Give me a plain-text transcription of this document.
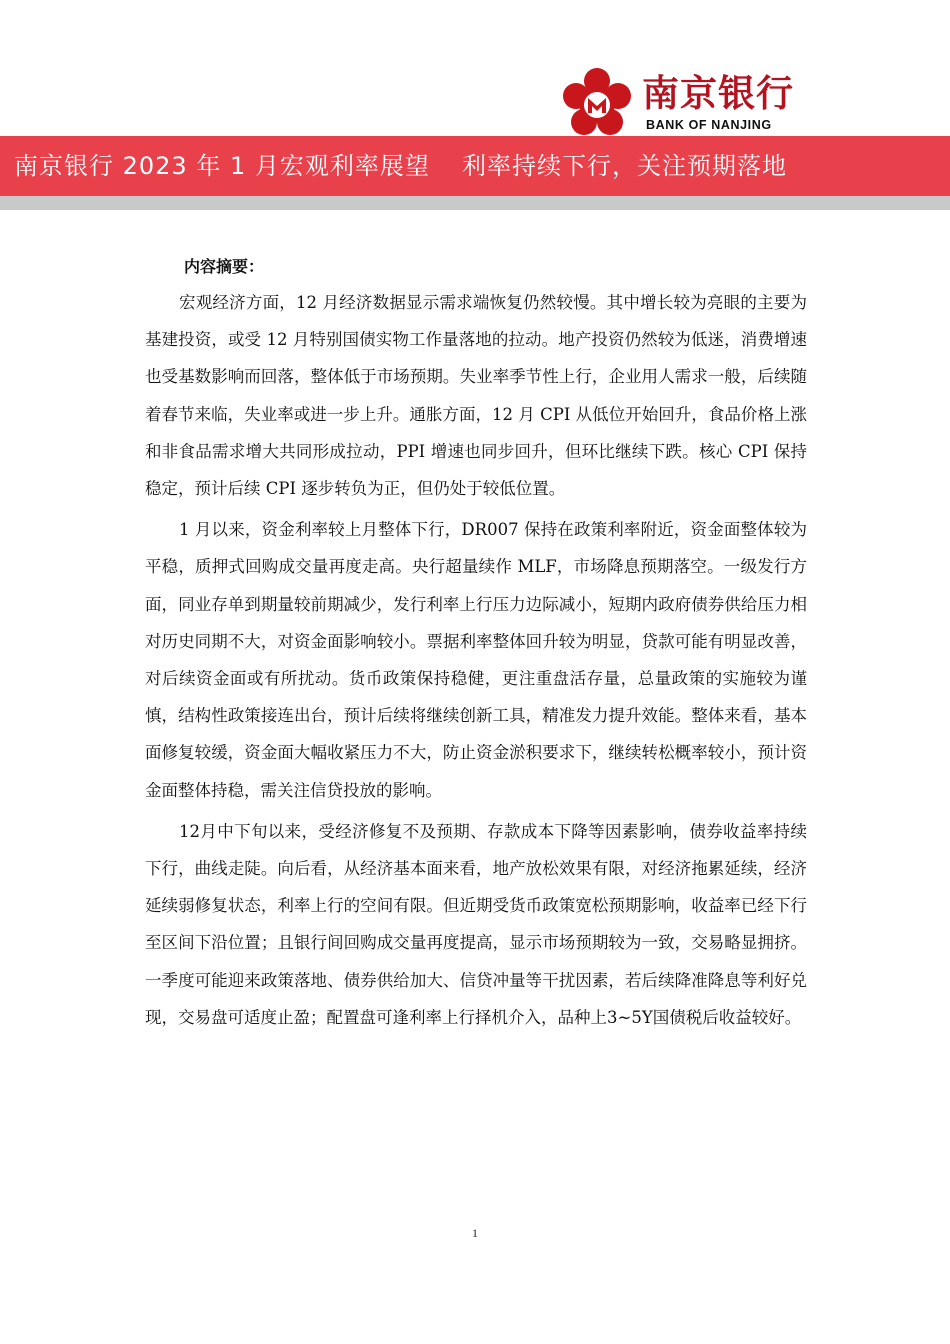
南京银行
BANK OF NANJING
南京银行 2023 年 1 月宏观利率展望 利率持续下行，关注预期落地
内容摘要：

宏观经济方面，12 月经济数据显示需求端恢复仍然较慢。其中增长较为亮眼的主要为基建投资，或受 12 月特别国债实物工作量落地的拉动。地产投资仍然较为低迷，消费增速也受基数影响而回落，整体低于市场预期。失业率季节性上行，企业用人需求一般，后续随着春节来临，失业率或进一步上升。通胀方面，12 月 CPI 从低位开始回升，食品价格上涨和非食品需求增大共同形成拉动，PPI 增速也同步回升，但环比继续下跌。核心 CPI 保持稳定，预计后续 CPI 逐步转负为正，但仍处于较低位置。

1 月以来，资金利率较上月整体下行，DR007 保持在政策利率附近，资金面整体较为平稳，质押式回购成交量再度走高。央行超量续作 MLF，市场降息预期落空。一级发行方面，同业存单到期量较前期减少，发行利率上行压力边际减小，短期内政府债券供给压力相对历史同期不大，对资金面影响较小。票据利率整体回升较为明显，贷款可能有明显改善，对后续资金面或有所扰动。货币政策保持稳健，更注重盘活存量，总量政策的实施较为谨慎，结构性政策接连出台，预计后续将继续创新工具，精准发力提升效能。整体来看，基本面修复较缓，资金面大幅收紧压力不大，防止资金淤积要求下，继续转松概率较小，预计资金面整体持稳，需关注信贷投放的影响。

12月中下旬以来，受经济修复不及预期、存款成本下降等因素影响，债券收益率持续下行，曲线走陡。向后看，从经济基本面来看，地产放松效果有限，对经济拖累延续，经济延续弱修复状态，利率上行的空间有限。但近期受货币政策宽松预期影响，收益率已经下行至区间下沿位置；且银行间回购成交量再度提高，显示市场预期较为一致，交易略显拥挤。一季度可能迎来政策落地、债券供给加大、信贷冲量等干扰因素，若后续降准降息等利好兑现，交易盘可适度止盈；配置盘可逢利率上行择机介入，品种上3~5Y国债税后收益较好。

1
